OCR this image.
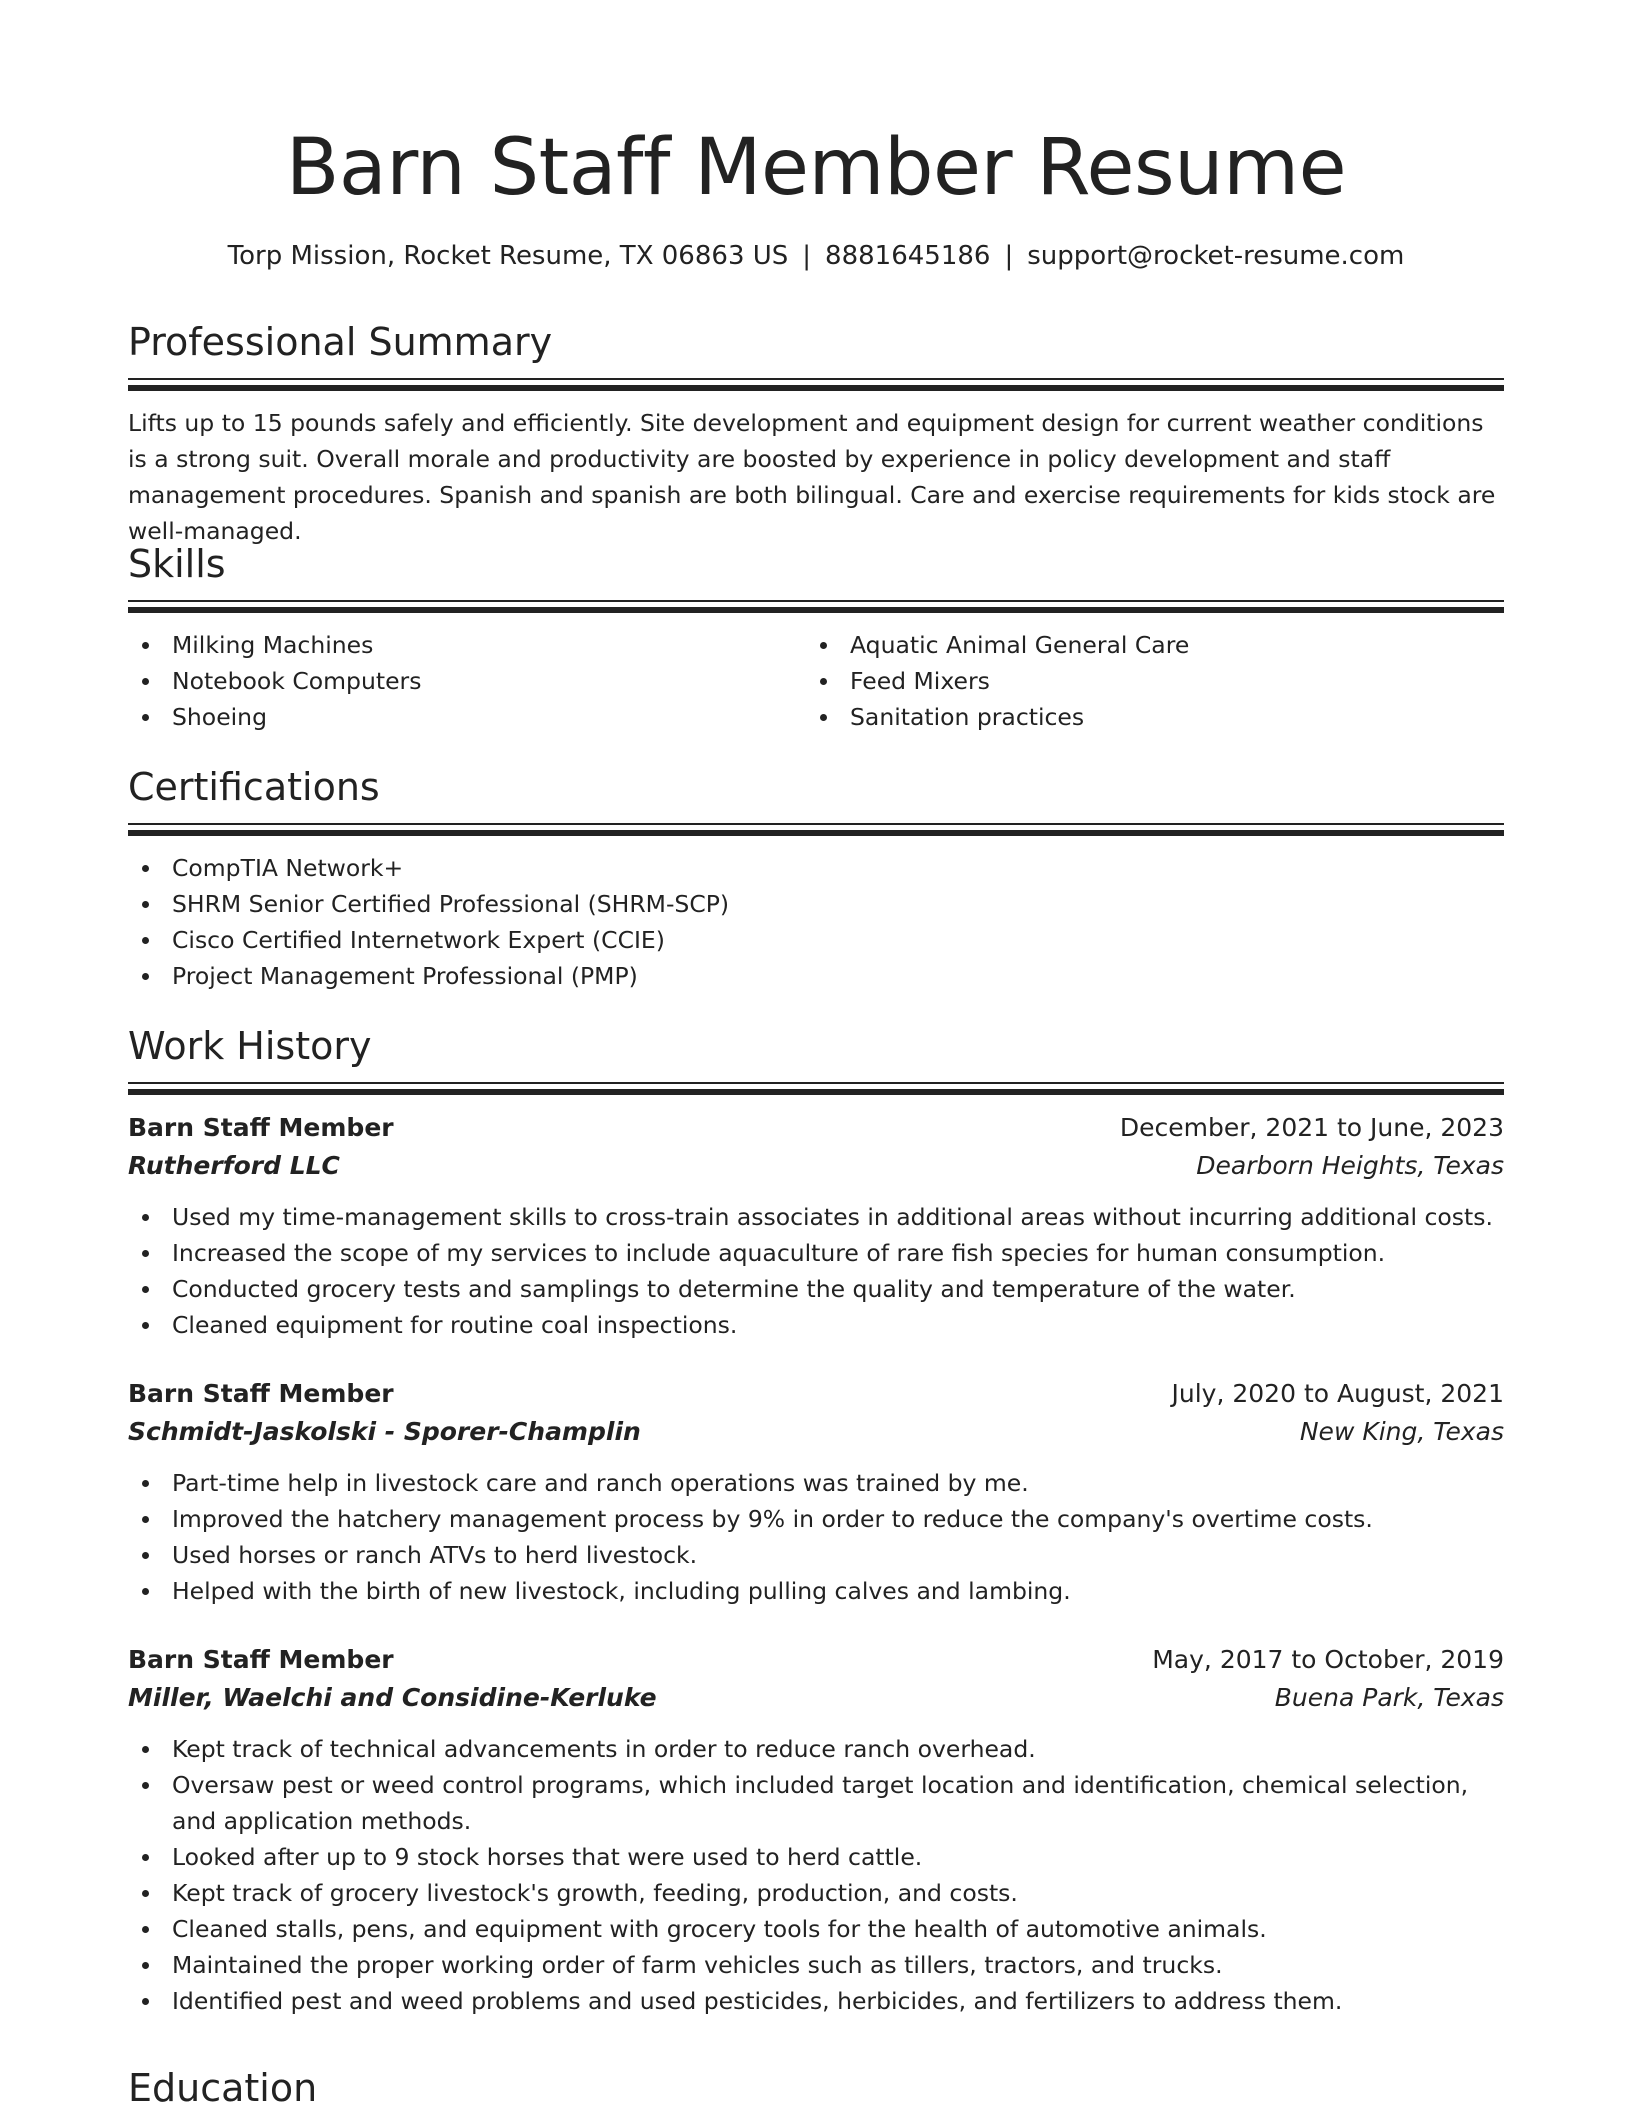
Barn Staff Member Resume
Torp Mission, Rocket Resume, TX 06863 US | 8881645186 | support@rocket-resume.com
Professional Summary

Lifts up to 15 pounds safely and efficiently. Site development and equipment design for current weather conditions is a strong suit. Overall morale and productivity are boosted by experience in policy development and staff management procedures. Spanish and spanish are both bilingual. Care and exercise requirements for kids stock are well-managed.

Skills
Milking Machines
Notebook Computers
Shoeing
Aquatic Animal General Care
Feed Mixers
Sanitation practices
Certifications
CompTIA Network+
SHRM Senior Certified Professional (SHRM-SCP)
Cisco Certified Internetwork Expert (CCIE)
Project Management Professional (PMP)
Work History
Barn Staff Member	December, 2021 to June, 2023
Rutherford LLC	Dearborn Heights, Texas
Used my time-management skills to cross-train associates in additional areas without incurring additional costs.
Increased the scope of my services to include aquaculture of rare fish species for human consumption.
Conducted grocery tests and samplings to determine the quality and temperature of the water.
Cleaned equipment for routine coal inspections.
Barn Staff Member	July, 2020 to August, 2021
Schmidt-Jaskolski - Sporer-Champlin	New King, Texas
Part-time help in livestock care and ranch operations was trained by me.
Improved the hatchery management process by 9% in order to reduce the company's overtime costs.
Used horses or ranch ATVs to herd livestock.
Helped with the birth of new livestock, including pulling calves and lambing.
Barn Staff Member	May, 2017 to October, 2019
Miller, Waelchi and Considine-Kerluke	Buena Park, Texas
Kept track of technical advancements in order to reduce ranch overhead.
Oversaw pest or weed control programs, which included target location and identification, chemical selection, and application methods.
Looked after up to 9 stock horses that were used to herd cattle.
Kept track of grocery livestock's growth, feeding, production, and costs.
Cleaned stalls, pens, and equipment with grocery tools for the health of automotive animals.
Maintained the proper working order of farm vehicles such as tillers, tractors, and trucks.
Identified pest and weed problems and used pesticides, herbicides, and fertilizers to address them.
Education
